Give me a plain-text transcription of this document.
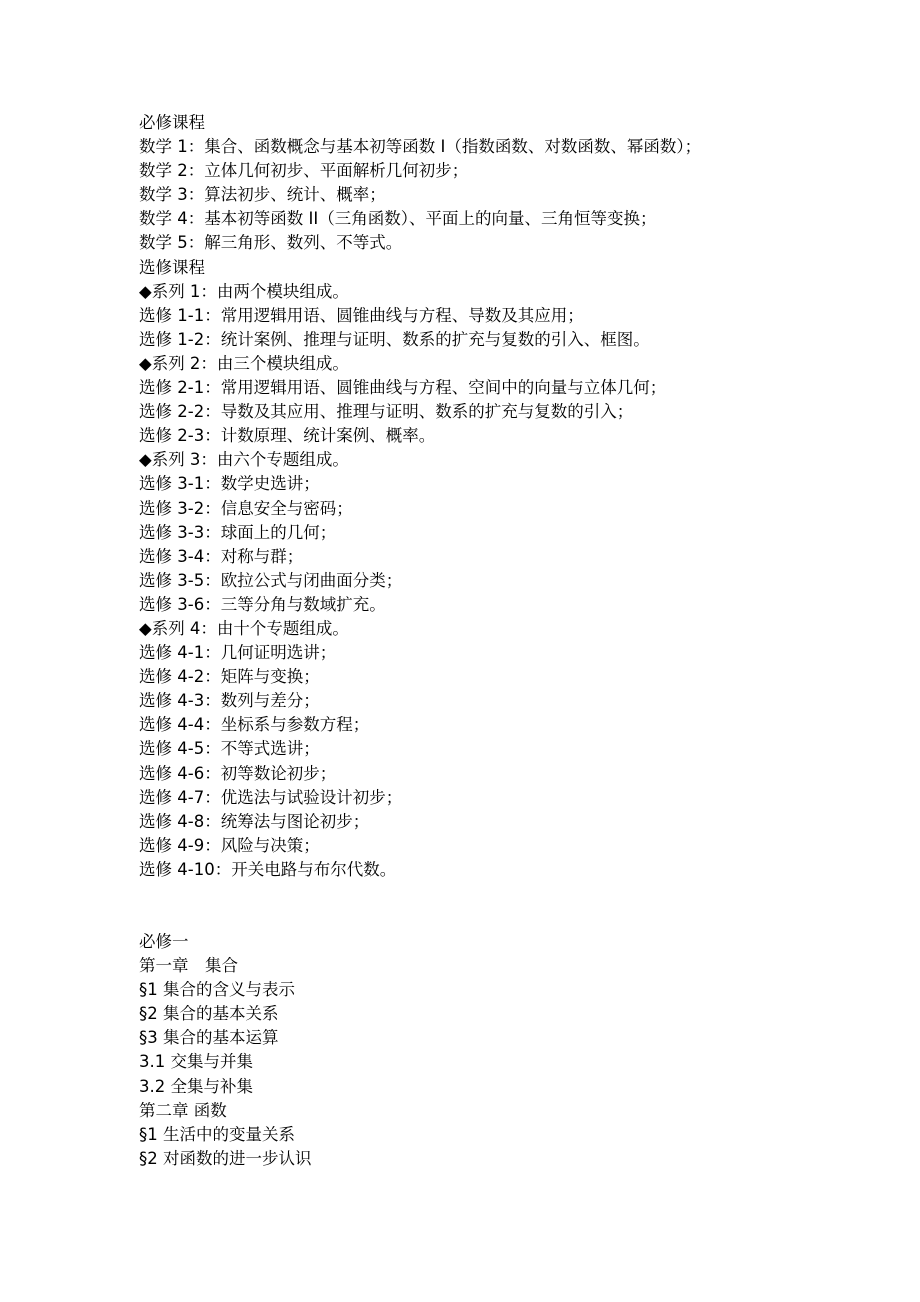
必修课程
数学 1：集合、函数概念与基本初等函数 I（指数函数、对数函数、幂函数）；
数学 2：立体几何初步、平面解析几何初步；
数学 3：算法初步、统计、概率；
数学 4：基本初等函数 II（三角函数）、平面上的向量、三角恒等变换；
数学 5：解三角形、数列、不等式。
选修课程
◆系列 1：由两个模块组成。
选修 1-1：常用逻辑用语、圆锥曲线与方程、导数及其应用；
选修 1-2：统计案例、推理与证明、数系的扩充与复数的引入、框图。
◆系列 2：由三个模块组成。
选修 2-1：常用逻辑用语、圆锥曲线与方程、空间中的向量与立体几何；
选修 2-2：导数及其应用、推理与证明、数系的扩充与复数的引入；
选修 2-3：计数原理、统计案例、概率。
◆系列 3：由六个专题组成。
选修 3-1：数学史选讲；
选修 3-2：信息安全与密码；
选修 3-3：球面上的几何；
选修 3-4：对称与群；
选修 3-5：欧拉公式与闭曲面分类；
选修 3-6：三等分角与数域扩充。
◆系列 4：由十个专题组成。
选修 4-1：几何证明选讲；
选修 4-2：矩阵与变换；
选修 4-3：数列与差分；
选修 4-4：坐标系与参数方程；
选修 4-5：不等式选讲；
选修 4-6：初等数论初步；
选修 4-7：优选法与试验设计初步；
选修 4-8：统筹法与图论初步；
选修 4-9：风险与决策；
选修 4-10：开关电路与布尔代数。
必修一
第一章　集合
§1 集合的含义与表示
§2 集合的基本关系
§3 集合的基本运算
3.1 交集与并集
3.2 全集与补集
第二章 函数
§1 生活中的变量关系
§2 对函数的进一步认识
